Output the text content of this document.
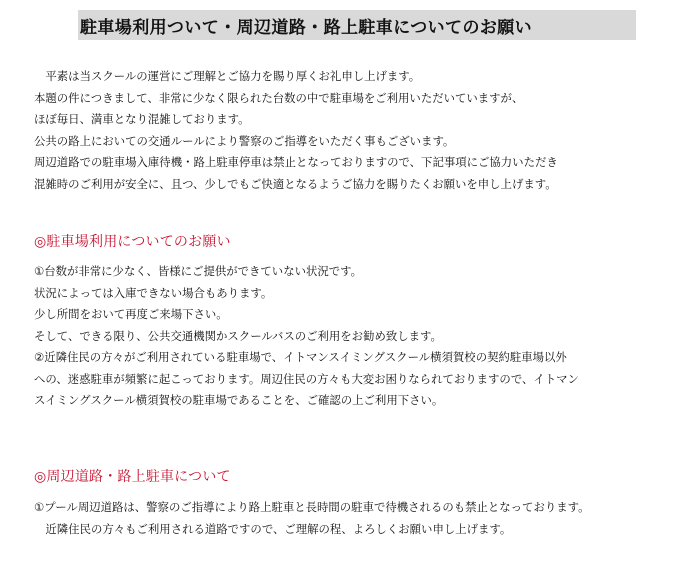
駐車場利用ついて・周辺道路・路上駐車についてのお願い
　平素は当スクールの運営にご理解とご協力を賜り厚くお礼申し上げます。
本題の件につきまして、非常に少なく限られた台数の中で駐車場をご利用いただいていますが、
ほぼ毎日、満車となり混雑しております。
公共の路上においての交通ルールにより警察のご指導をいただく事もございます。
周辺道路での駐車場入庫待機・路上駐車停車は禁止となっておりますので、下記事項にご協力いただき
混雑時のご利用が安全に、且つ、少しでもご快適となるようご協力を賜りたくお願いを申し上げます。
◎駐車場利用についてのお願い
①台数が非常に少なく、皆様にご提供ができていない状況です。
状況によっては入庫できない場合もあります。
少し所間をおいて再度ご来場下さい。
そして、できる限り、公共交通機関かスクールバスのご利用をお勧め致します。
②近隣住民の方々がご利用されている駐車場で、イトマンスイミングスクール横須賀校の契約駐車場以外
への、迷惑駐車が頻繁に起こっております。周辺住民の方々も大変お困りなられておりますので、イトマン
スイミングスクール横須賀校の駐車場であることを、ご確認の上ご利用下さい。
◎周辺道路・路上駐車について
①プール周辺道路は、警察のご指導により路上駐車と長時間の駐車で待機されるのも禁止となっております。
　近隣住民の方々もご利用される道路ですので、ご理解の程、よろしくお願い申し上げます。
